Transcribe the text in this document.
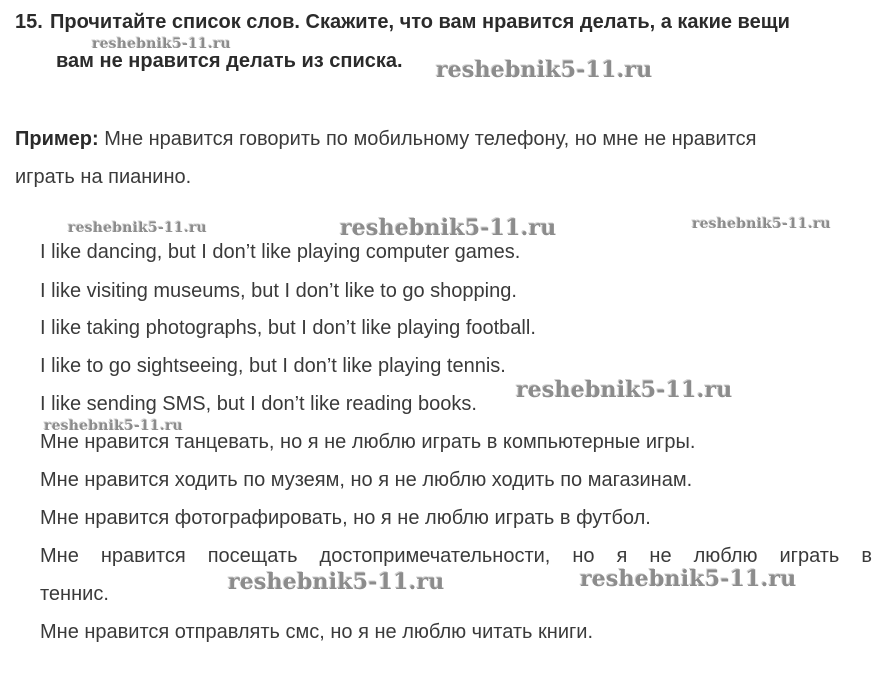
15. Прочитайте список слов. Скажите, что вам нравится делать, а какие вещи
вам не нравится делать из списка.
Пример: Мне нравится говорить по мобильному телефону, но мне не нравится
играть на пианино.
I like dancing, but I don’t like playing computer games.
I like visiting museums, but I don’t like to go shopping.
I like taking photographs, but I don’t like playing football.
I like to go sightseeing, but I don’t like playing tennis.
I like sending SMS, but I don’t like reading books.
Мне нравится танцевать, но я не люблю играть в компьютерные игры.
Мне нравится ходить по музеям, но я не люблю ходить по магазинам.
Мне нравится фотографировать, но я не люблю играть в футбол.
Мне нравится посещать достопримечательности, но я не люблю играть в
теннис.
Мне нравится отправлять смс, но я не люблю читать книги.
reshebnik5-11.ru
reshebnik5-11.ru
reshebnik5-11.ru	reshebnik5-11.ru	reshebnik5-11.ru
reshebnik5-11.ru
reshebnik5-11.ru
reshebnik5-11.ru	reshebnik5-11.ru
